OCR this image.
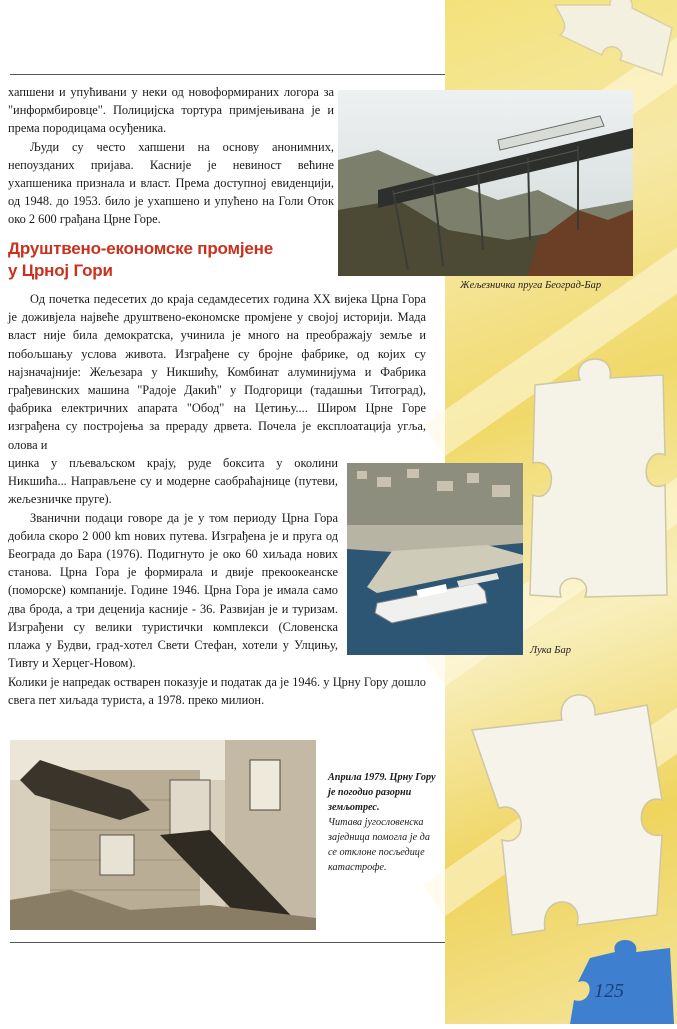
хапшени и упућивани у неки од новоформираних логора за "информбировце". Полицијска тортура примјењивана је и према породицама осуђеника.

Људи су често хапшени на основу анонимних, непоузданих пријава. Касније је невиност већине ухапшеника признала и власт. Према доступној евиденцији, од 1948. до 1953. било је ухапшено и упућено на Голи Оток око 2 600 грађана Црне Горе.

Жељезничка пруга Београд-Бар
Друштвено-економске промјене
у Црној Гори

Од почетка педесетих до краја седамдесетих година XX вијека Црна Гора је доживјела највеће друштвено-економске промјене у својој историји. Мада власт није била демократска, учинила је много на преображају земље и побољшању услова живота. Изграђене су бројне фабрике, од којих су најзначајније: Жељезара у Никшићу, Комбинат алуминијума и Фабрика грађевинских машина "Радоје Дакић" у Подгорици (тадашњи Титоград), фабрика електричних апарата "Обод" на Цетињу.... Широм Црне Горе изграђена су постројења за прераду дрвета. Почела је експлоатација угља, олова и

цинка у пљеваљском крају, руде боксита у околини Никшића... Направљене су и модерне саобраћајнице (путеви, жељезничке пруге).

Званични подаци говоре да је у том периоду Црна Гора добила скоро 2 000 km нових путева. Изграђена је и пруга од Београда до Бара (1976). Подигнуто је око 60 хиљада нових станова. Црна Гора је формирала и двије прекоокеанске (поморске) компаније. Године 1946. Црна Гора је имала само два брода, а три деценија касније - 36. Развијан је и туризам. Изграђени су велики туристички комплекси (Словенска плажа у Будви, град-хотел Свети Стефан, хотели у Улцињу, Тивту и Херцег-Новом).

Колики је напредак остварен показује и податак да је 1946. у Црну Гору дошло свега пет хиљада туриста, а 1978. преко милион.

Лука Бар
Априла 1979. Црну Гору је погодио разорни земљотрес.
Читава југословенска заједница помогла је да се отклоне посљедице катастрофе.
125
